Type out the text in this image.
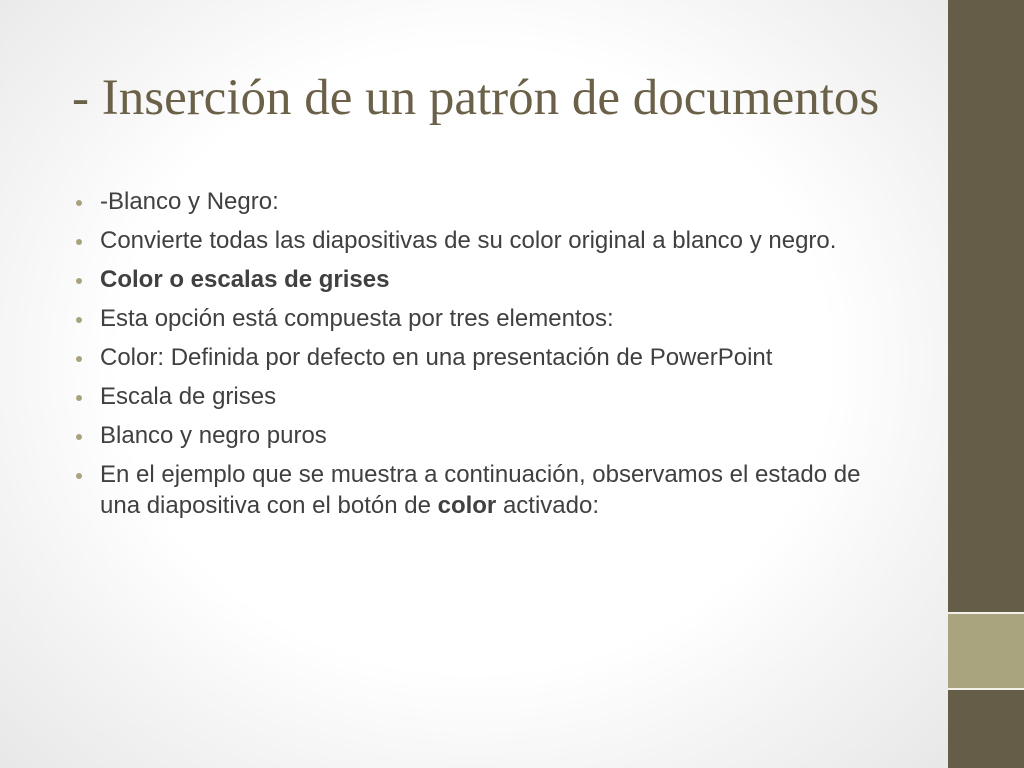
- Inserción de un patrón de documentos
-Blanco y Negro:
Convierte todas las diapositivas de su color original a blanco y negro.
Color o escalas de grises
Esta opción está compuesta por tres elementos:
Color: Definida por defecto en una presentación de PowerPoint
Escala de grises
Blanco y negro puros
En el ejemplo que se muestra a continuación, observamos el estado de una diapositiva con el botón de color activado:
